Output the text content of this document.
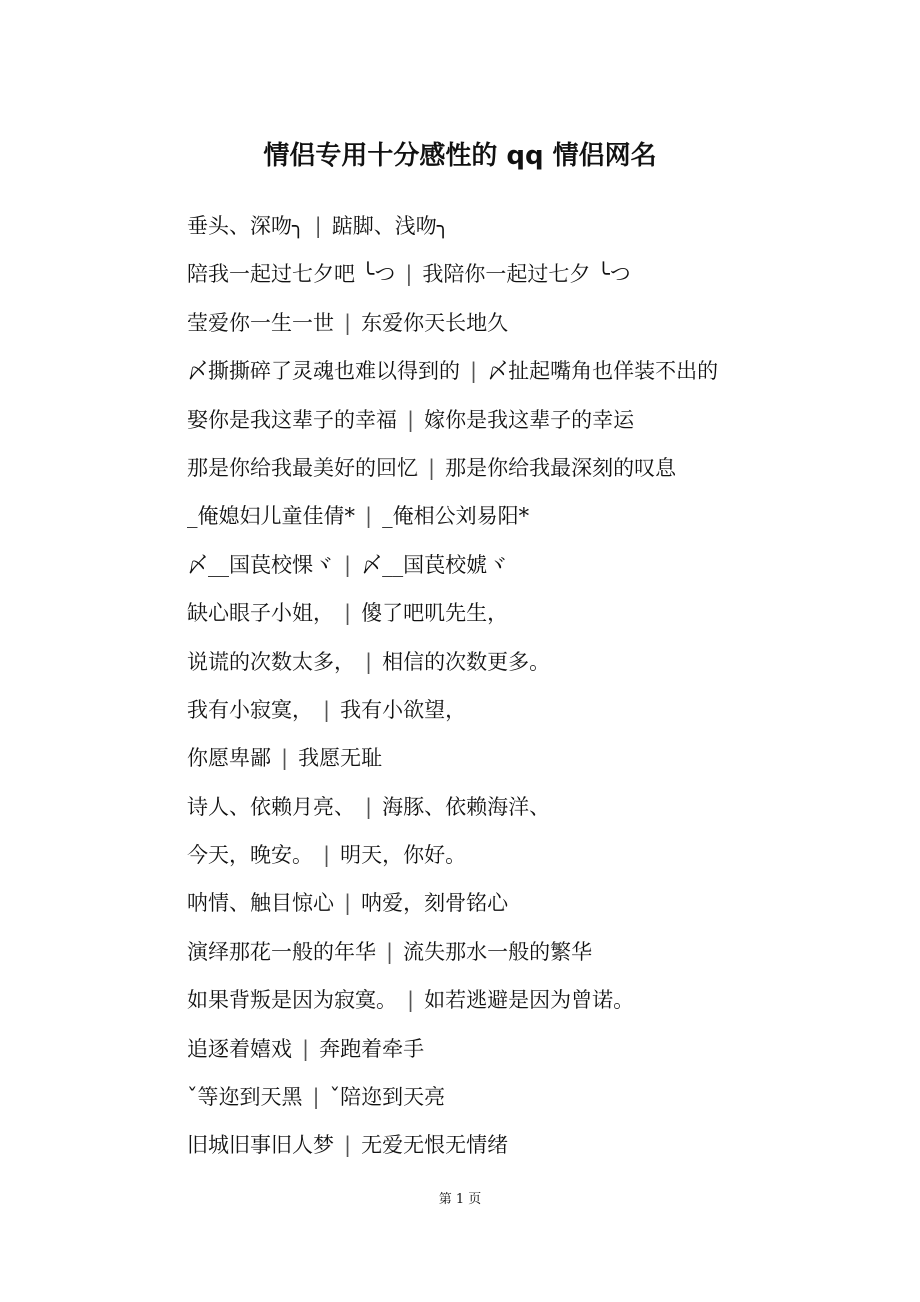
情侣专用十分感性的 qq 情侣网名
垂头、深吻╮ | 踮脚、浅吻╮
陪我一起过七夕吧 ╰つ | 我陪你一起过七夕 ╰つ
莹爱你一生一世 | 东爱你天长地久
〆撕撕碎了灵魂也难以得到的 | 〆扯起嘴角也佯装不出的
娶你是我这辈子的幸福 | 嫁你是我这辈子的幸运
那是你给我最美好的回忆 | 那是你给我最深刻的叹息
_俺媳妇儿童佳倩* | _俺相公刘易阳*
〆__国苠校惈ヾ | 〆__国苠校婋ヾ
缺心眼子小姐， | 傻了吧叽先生，
说谎的次数太多， | 相信的次数更多。
我有小寂寞， | 我有小欲望，
你愿卑鄙 | 我愿无耻
诗人、依赖月亮、 | 海豚、依赖海洋、
今天，晚安。 | 明天，你好。
呐情、触目惊心 | 呐爱，刻骨铭心
演绎那花一般的年华 | 流失那水一般的繁华
如果背叛是因为寂寞。 | 如若逃避是因为曾诺。
追逐着嬉戏 | 奔跑着牵手
ˇ等迩到天黑 | ˇ陪迩到天亮
旧城旧事旧人梦 | 无爱无恨无情绪
第 1 页
